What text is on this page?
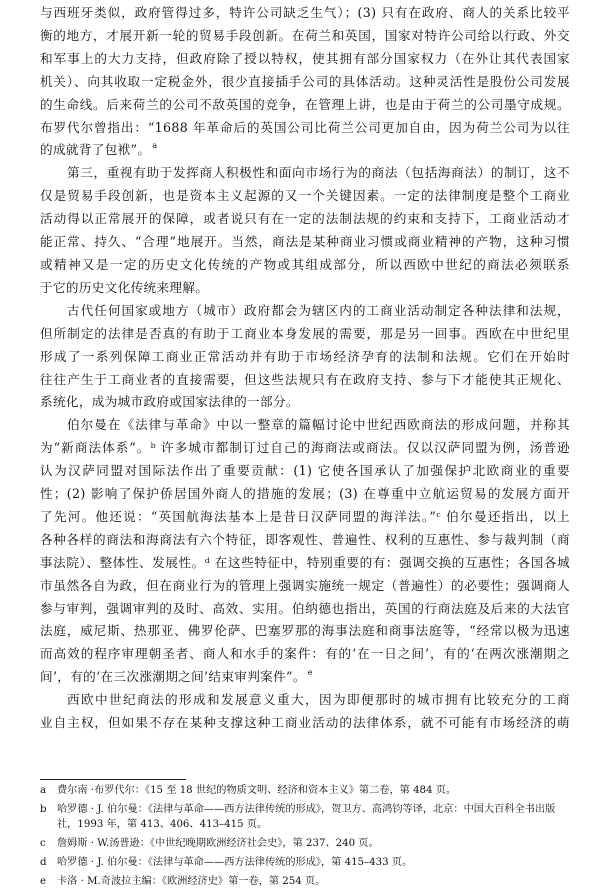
与西班牙类似，政府管得过多，特许公司缺乏生气）；(3) 只有在政府、商人的关系比较平
衡的地方，才展开新一轮的贸易手段创新。在荷兰和英国，国家对特许公司给以行政、外交
和军事上的大力支持，但政府除了授以特权，使其拥有部分国家权力（在外让其代表国家
机关）、向其收取一定税金外，很少直接插手公司的具体活动。这种灵活性是股份公司发展
的生命线。后来荷兰的公司不敌英国的竞争，在管理上讲，也是由于荷兰的公司墨守成规。
布罗代尔曾指出：“1688 年革命后的英国公司比荷兰公司更加自由，因为荷兰公司为以往
的成就背了包袱”。 $^a$

第三，重视有助于发挥商人积极性和面向市场行为的商法（包括海商法）的制订，这不
仅是贸易手段创新，也是资本主义起源的又一个关键因素。一定的法律制度是整个工商业
活动得以正常展开的保障，或者说只有在一定的法制法规的约束和支持下，工商业活动才
能正常、持久、“合理”地展开。当然，商法是某种商业习惯或商业精神的产物，这种习惯
或精神又是一定的历史文化传统的产物或其组成部分，所以西欧中世纪的商法必须联系
于它的历史文化传统来理解。

古代任何国家或地方（城市）政府都会为辖区内的工商业活动制定各种法律和法规，
但所制定的法律是否真的有助于工商业本身发展的需要，那是另一回事。西欧在中世纪里
形成了一系列保障工商业正常活动并有助于市场经济孕育的法制和法规。它们在开始时
往往产生于工商业者的直接需要，但这些法规只有在政府支持、参与下才能使其正规化、
系统化，成为城市政府或国家法律的一部分。

伯尔曼在《法律与革命》中以一整章的篇幅讨论中世纪西欧商法的形成问题，并称其
为“新商法体系”。ᵇ 许多城市都制订过自己的海商法或商法。仅以汉萨同盟为例，汤普逊
认为汉萨同盟对国际法作出了重要贡献：(1) 它使各国承认了加强保护北欧商业的重要
性；(2) 影响了保护侨居国外商人的措施的发展；(3) 在尊重中立航运贸易的发展方面开
了先河。他还说：“英国航海法基本上是昔日汉萨同盟的海洋法。”ᶜ 伯尔曼还指出，以上
各种各样的商法和海商法有六个特征，即客观性、普遍性、权利的互惠性、参与裁判制（商
事法院）、整体性、发展性。ᵈ 在这些特征中，特别重要的有：强调交换的互惠性；各国各城
市虽然各自为政，但在商业行为的管理上强调实施统一规定（普遍性）的必要性；强调商人
参与审判，强调审判的及时、高效、实用。伯纳德也指出，英国的行商法庭及后来的大法官
法庭，威尼斯、热那亚、佛罗伦萨、巴塞罗那的海事法庭和商事法庭等，“经常以极为迅速
而高效的程序审理朝圣者、商人和水手的案件：有的‘在一日之间’，有的‘在两次涨潮期之
间’，有的‘在三次涨潮期之间’结束审判案件”。 $^e$

西欧中世纪商法的形成和发展意义重大，因为即便那时的城市拥有比较充分的工商
业自主权，但如果不存在某种支撑这种工商业活动的法律体系，就不可能有市场经济的萌

a	费尔南 ·布罗代尔：《15 至 18 世纪的物质文明、经济和资本主义》第二卷，第 484 页。
b	哈罗德 · J. 伯尔曼：《法律与革命——西方法律传统的形成》，贺卫方、高鸿钧等译，北京：中国大百科全书出版
社，1993 年，第 413、406、413–415 页。
c	詹姆斯 · W.汤普逊：《中世纪晚期欧洲经济社会史》，第 237、240 页。
d	哈罗德 · J. 伯尔曼：《法律与革命——西方法律传统的形成》，第 415–433 页。
e	卡洛 · M.奇波拉主编：《欧洲经济史》第一卷，第 254 页。
